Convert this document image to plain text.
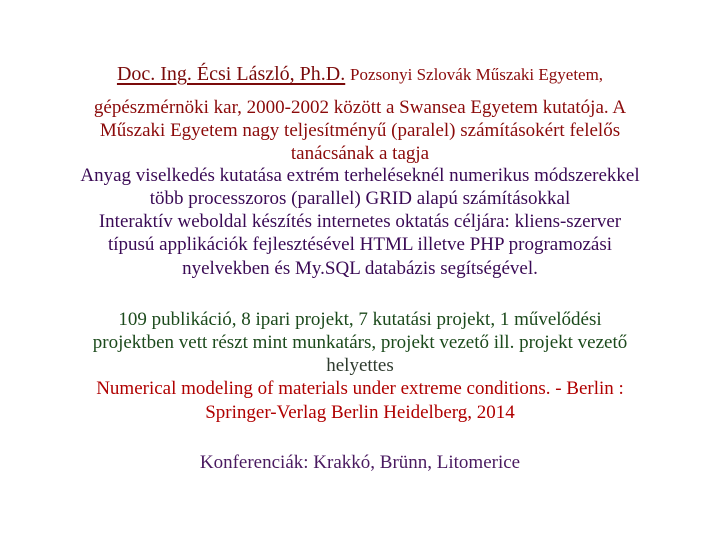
Doc. Ing. Écsi László, Ph.D. Pozsonyi Szlovák Műszaki Egyetem,
gépészmérnöki kar, 2000-2002 között a Swansea Egyetem kutatója. A
Műszaki Egyetem nagy teljesítményű (paralel) számításokért felelős
tanácsának a tagja
Anyag viselkedés kutatása extrém terheléseknél numerikus módszerekkel
több processzoros (parallel) GRID alapú számításokkal
Interaktív weboldal készítés internetes oktatás céljára: kliens-szerver
típusú applikációk fejlesztésével HTML illetve PHP programozási
nyelvekben és My.SQL databázis segítségével.
109 publikáció, 8 ipari projekt, 7 kutatási projekt, 1 művelődési
projektben vett részt mint munkatárs, projekt vezető ill. projekt vezető
helyettes
Numerical modeling of materials under extreme conditions. - Berlin :
Springer-Verlag Berlin Heidelberg, 2014
Konferenciák: Krakkó, Brünn, Litomerice
